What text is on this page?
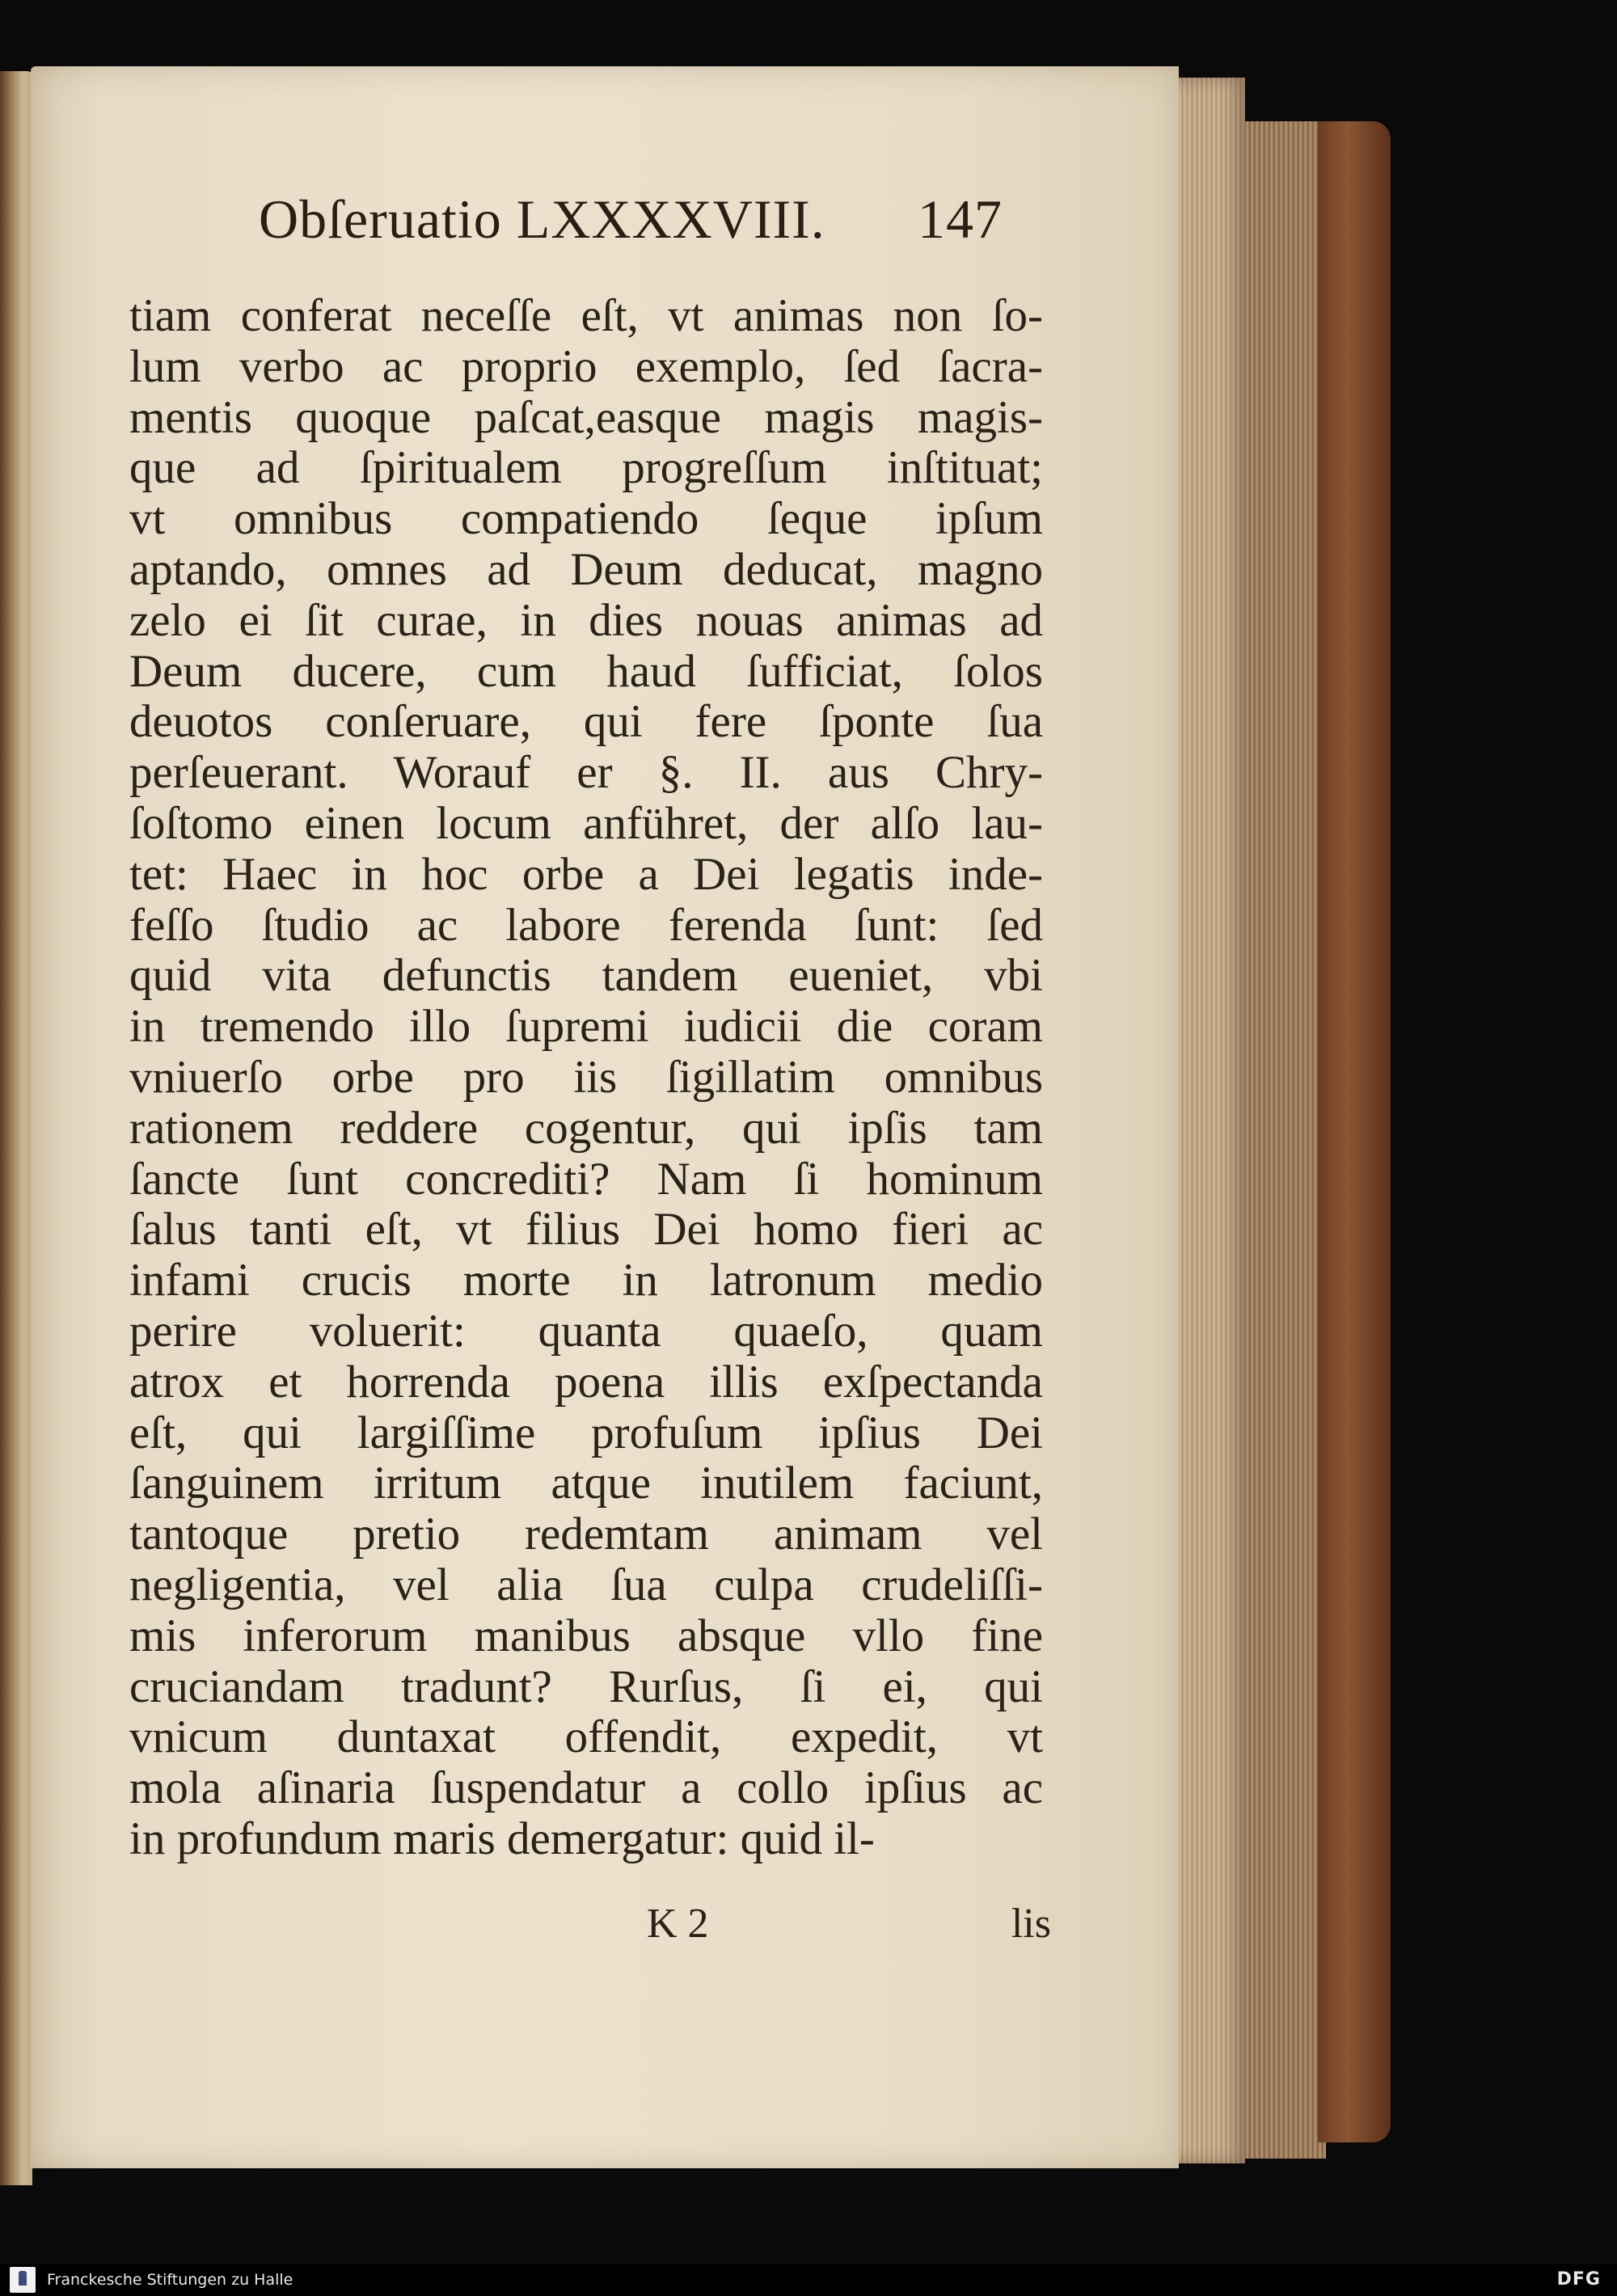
Obſeruatio LXXXXVIII. 147
tiam conferat neceſſe eſt, vt animas non ſo-
lum verbo ac proprio exemplo, ſed ſacra-
mentis quoque paſcat,easque magis magis-
que ad ſpiritualem progreſſum inſtituat;
vt omnibus compatiendo ſeque ipſum
aptando, omnes ad Deum deducat, magno
zelo ei ſit curae, in dies nouas animas ad
Deum ducere, cum haud ſufficiat, ſolos
deuotos conſeruare, qui fere ſponte ſua
perſeuerant. Worauf er §. II. aus Chry-
ſoſtomo einen locum anführet, der alſo lau-
tet: Haec in hoc orbe a Dei legatis inde-
feſſo ſtudio ac labore ferenda ſunt: ſed
quid vita defunctis tandem eueniet, vbi
in tremendo illo ſupremi iudicii die coram
vniuerſo orbe pro iis ſigillatim omnibus
rationem reddere cogentur, qui ipſis tam
ſancte ſunt concrediti? Nam ſi hominum
ſalus tanti eſt, vt filius Dei homo fieri ac
infami crucis morte in latronum medio
perire voluerit: quanta quaeſo, quam
atrox et horrenda poena illis exſpectanda
eſt, qui largiſſime profuſum ipſius Dei
ſanguinem irritum atque inutilem faciunt,
tantoque pretio redemtam animam vel
negligentia, vel alia ſua culpa crudeliſſi-
mis inferorum manibus absque vllo fine
cruciandam tradunt? Rurſus, ſi ei, qui
vnicum duntaxat offendit, expedit, vt
mola aſinaria ſuspendatur a collo ipſius ac
in profundum maris demergatur: quid il-
K 2	lis
Franckesche Stiftungen zu Halle	DFG
